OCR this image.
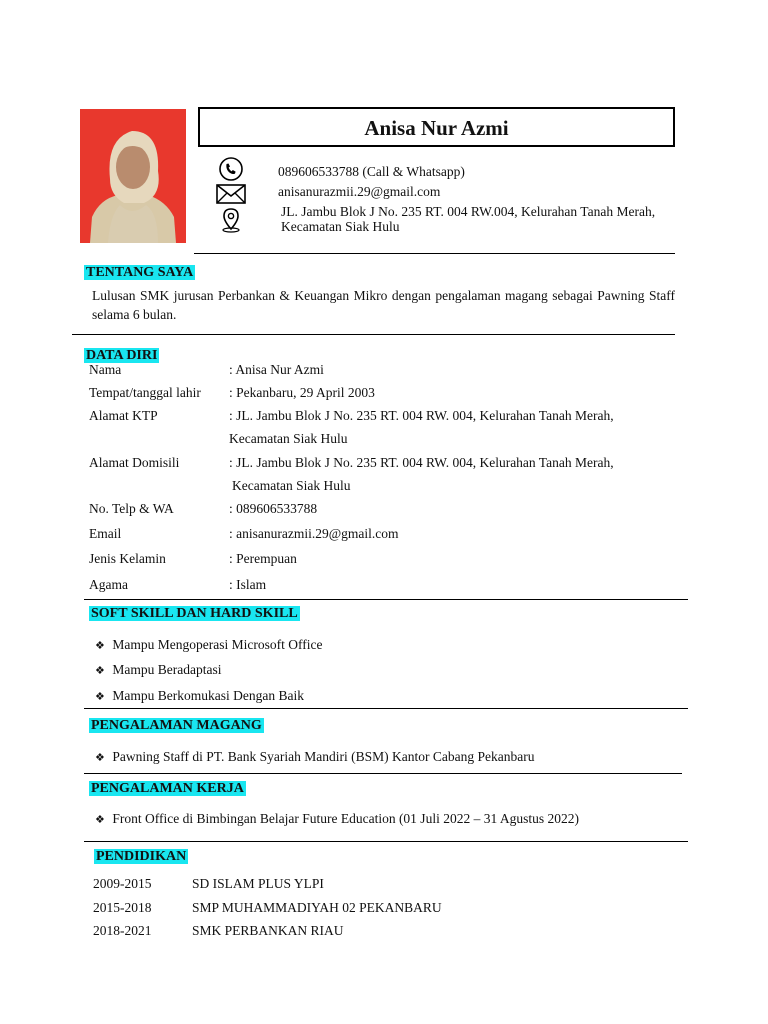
Anisa Nur Azmi
089606533788 (Call & Whatsapp)
anisanurazmii.29@gmail.com
JL. Jambu Blok J No. 235 RT. 004 RW.004, Kelurahan Tanah Merah,
Kecamatan Siak Hulu
TENTANG SAYA
Lulusan SMK jurusan Perbankan & Keuangan Mikro dengan pengalaman magang sebagai Pawning Staff selama 6 bulan.
DATA DIRI
Nama	: Anisa Nur Azmi
Tempat/tanggal lahir : Pekanbaru, 29 April 2003
Alamat KTP	: JL. Jambu Blok J No. 235 RT. 004 RW. 004, Kelurahan Tanah Merah,
Kecamatan Siak Hulu
Alamat Domisili	: JL. Jambu Blok J No. 235 RT. 004 RW. 004, Kelurahan Tanah Merah,
Kecamatan Siak Hulu
No. Telp & WA	: 089606533788
Email	: anisanurazmii.29@gmail.com
Jenis Kelamin	: Perempuan
Agama	: Islam
SOFT SKILL DAN HARD SKILL
❖ Mampu Mengoperasi Microsoft Office
❖ Mampu Beradaptasi
❖ Mampu Berkomukasi Dengan Baik
PENGALAMAN MAGANG
❖ Pawning Staff di PT. Bank Syariah Mandiri (BSM) Kantor Cabang Pekanbaru
PENGALAMAN KERJA
❖ Front Office di Bimbingan Belajar Future Education (01 Juli 2022 – 31 Agustus 2022)
PENDIDIKAN
2009-2015	SD ISLAM PLUS YLPI
2015-2018	SMP MUHAMMADIYAH 02 PEKANBARU
2018-2021	SMK PERBANKAN RIAU
